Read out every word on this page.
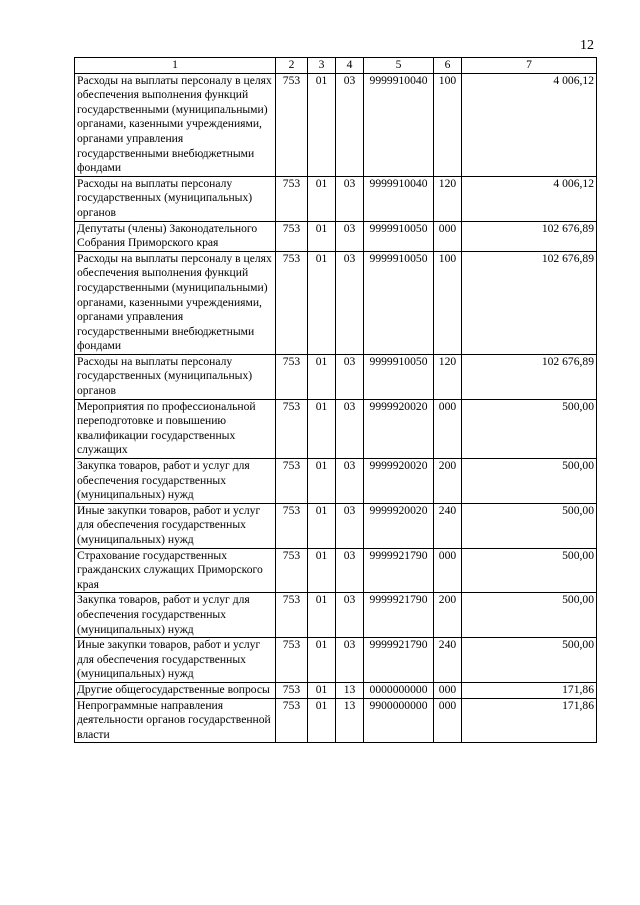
12
1	2	3	4	5	6	7
Расходы на выплаты персоналу в целях обеспечения выполнения функций государственными (муниципальными) органами, казенными учреждениями, органами управления государственными внебюджетными фондами	753	01	03	9999910040	100	4 006,12
Расходы на выплаты персоналу государственных (муниципальных) органов	753	01	03	9999910040	120	4 006,12
Депутаты (члены) Законодательного Собрания Приморского края	753	01	03	9999910050	000	102 676,89
Расходы на выплаты персоналу в целях обеспечения выполнения функций государственными (муниципальными) органами, казенными учреждениями, органами управления государственными внебюджетными фондами	753	01	03	9999910050	100	102 676,89
Расходы на выплаты персоналу государственных (муниципальных) органов	753	01	03	9999910050	120	102 676,89
Мероприятия по профессиональной переподготовке и повышению квалификации государственных служащих	753	01	03	9999920020	000	500,00
Закупка товаров, работ и услуг для обеспечения государственных (муниципальных) нужд	753	01	03	9999920020	200	500,00
Иные закупки товаров, работ и услуг для обеспечения государственных (муниципальных) нужд	753	01	03	9999920020	240	500,00
Страхование государственных гражданских служащих Приморского края	753	01	03	9999921790	000	500,00
Закупка товаров, работ и услуг для обеспечения государственных (муниципальных) нужд	753	01	03	9999921790	200	500,00
Иные закупки товаров, работ и услуг для обеспечения государственных (муниципальных) нужд	753	01	03	9999921790	240	500,00
Другие общегосударственные вопросы	753	01	13	0000000000	000	171,86
Непрограммные направления деятельности органов государственной власти	753	01	13	9900000000	000	171,86
